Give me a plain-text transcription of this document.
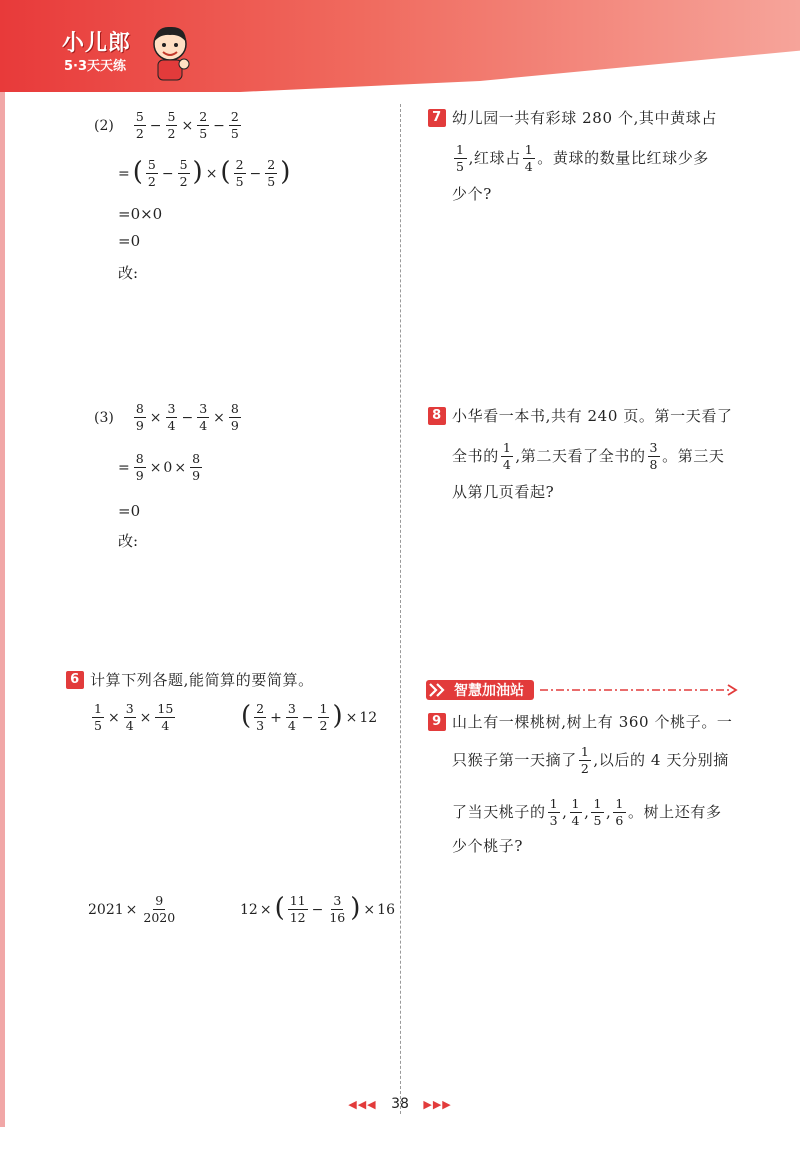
小儿郎
5·3天天练
$(2) \frac{5}{2} - \frac{5}{2} \times \frac{2}{5} - \frac{2}{5}$
= ( $\frac{5}{2} - \frac{5}{2}$ ) × ( $\frac{2}{5} - \frac{2}{5}$ )
=0×0
=0
改:
$(3) \frac{8}{9} \times \frac{3}{4} - \frac{3}{4} \times \frac{8}{9}$
= $\frac{8}{9} \times 0 \times \frac{8}{9}$
=0
改:
6 计算下列各题,能简算的要简算。
$\frac{1}{5} \times \frac{3}{4} \times \frac{15}{4}$	( $\frac{2}{3} + \frac{3}{4} - \frac{1}{2}$ ) × 12
$2021 \times \frac{9}{2020}$	12 × ( $\frac{11}{12} - \frac{3}{16}$ ) × 16
7 幼儿园一共有彩球 280 个,其中黄球占
$\frac{1}{5}$ ,红球占 $\frac{1}{4}$ 。黄球的数量比红球少多
少个?
8 小华看一本书,共有 240 页。第一天看了
全书的 $\frac{1}{4}$ ,第二天看了全书的 $\frac{3}{8}$ 。第三天
从第几页看起?
智慧加油站
9 山上有一棵桃树,树上有 360 个桃子。一
只猴子第一天摘了 $\frac{1}{2}$ ,以后的 4 天分别摘
了当天桃子的 $\frac{1}{3}$ , $\frac{1}{4}$ , $\frac{1}{5}$ , $\frac{1}{6}$ 。树上还有多
少个桃子?
◀◀◀ 38 ▶▶▶
